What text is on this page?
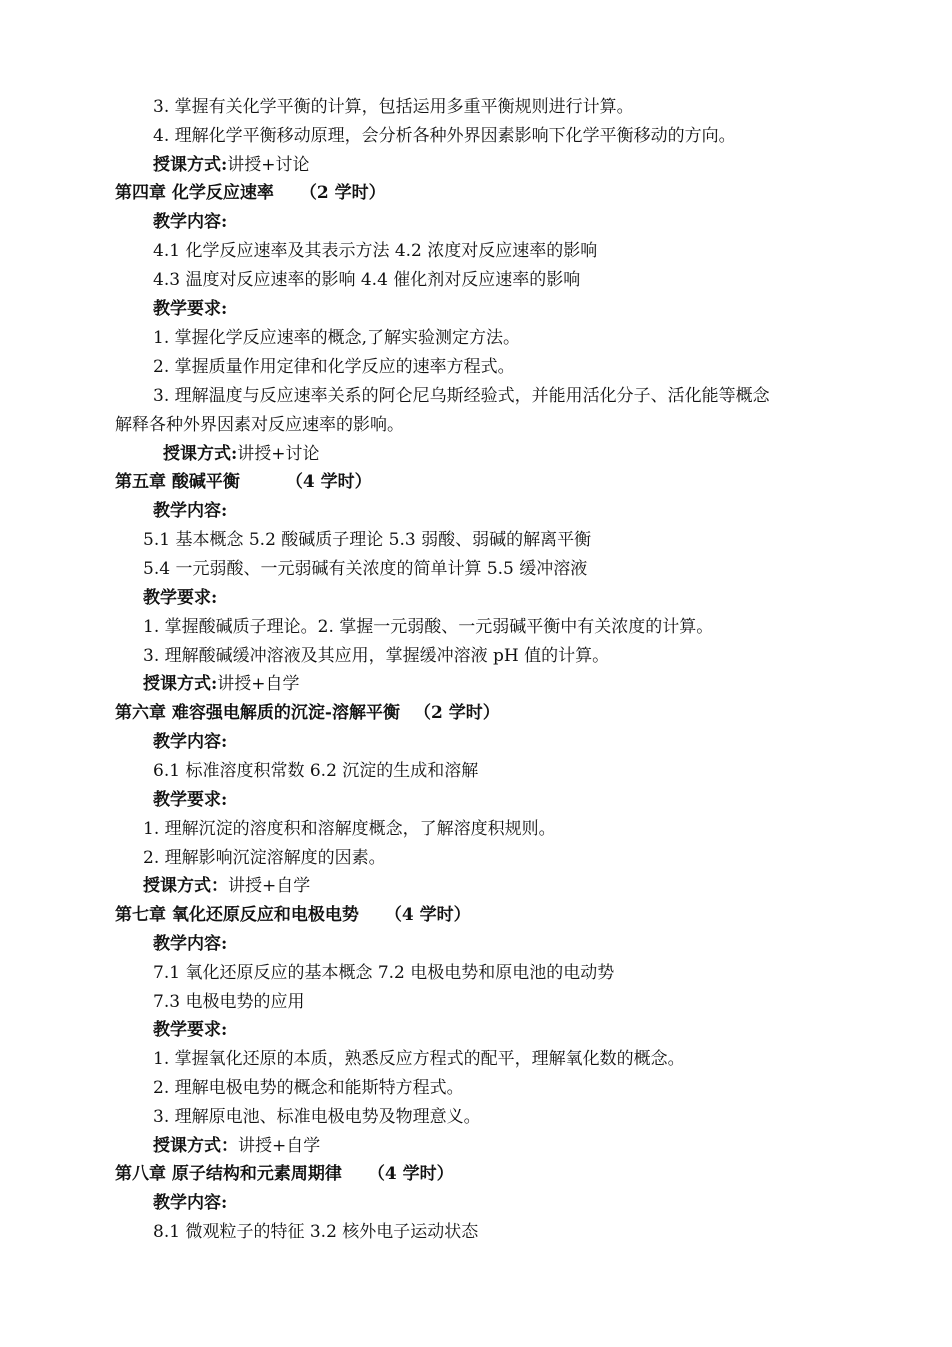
3. 掌握有关化学平衡的计算，包括运用多重平衡规则进行计算。
4. 理解化学平衡移动原理，会分析各种外界因素影响下化学平衡移动的方向。
授课方式:讲授+讨论
第四章 化学反应速率 （2 学时）
教学内容:
4.1 化学反应速率及其表示方法 4.2 浓度对反应速率的影响
4.3 温度对反应速率的影响 4.4 催化剂对反应速率的影响
教学要求:
1. 掌握化学反应速率的概念,了解实验测定方法。
2. 掌握质量作用定律和化学反应的速率方程式。
3. 理解温度与反应速率关系的阿仑尼乌斯经验式，并能用活化分子、活化能等概念
解释各种外界因素对反应速率的影响。
授课方式:讲授+讨论
第五章 酸碱平衡	（4 学时）
教学内容:
5.1 基本概念 5.2 酸碱质子理论 5.3 弱酸、弱碱的解离平衡
5.4 一元弱酸、一元弱碱有关浓度的简单计算 5.5 缓冲溶液
教学要求:
1. 掌握酸碱质子理论。2. 掌握一元弱酸、一元弱碱平衡中有关浓度的计算。
3. 理解酸碱缓冲溶液及其应用，掌握缓冲溶液 pH 值的计算。
授课方式:讲授+自学
第六章 难容强电解质的沉淀-溶解平衡 （2 学时）
教学内容:
6.1 标准溶度积常数 6.2 沉淀的生成和溶解
教学要求:
1. 理解沉淀的溶度积和溶解度概念，了解溶度积规则。
2. 理解影响沉淀溶解度的因素。
授课方式：讲授+自学
第七章 氧化还原反应和电极电势 （4 学时）
教学内容:
7.1 氧化还原反应的基本概念 7.2 电极电势和原电池的电动势
7.3 电极电势的应用
教学要求:
1. 掌握氧化还原的本质，熟悉反应方程式的配平，理解氧化数的概念。
2. 理解电极电势的概念和能斯特方程式。
3. 理解原电池、标准电极电势及物理意义。
授课方式：讲授+自学
第八章 原子结构和元素周期律 （4 学时）
教学内容:
8.1 微观粒子的特征 3.2 核外电子运动状态
